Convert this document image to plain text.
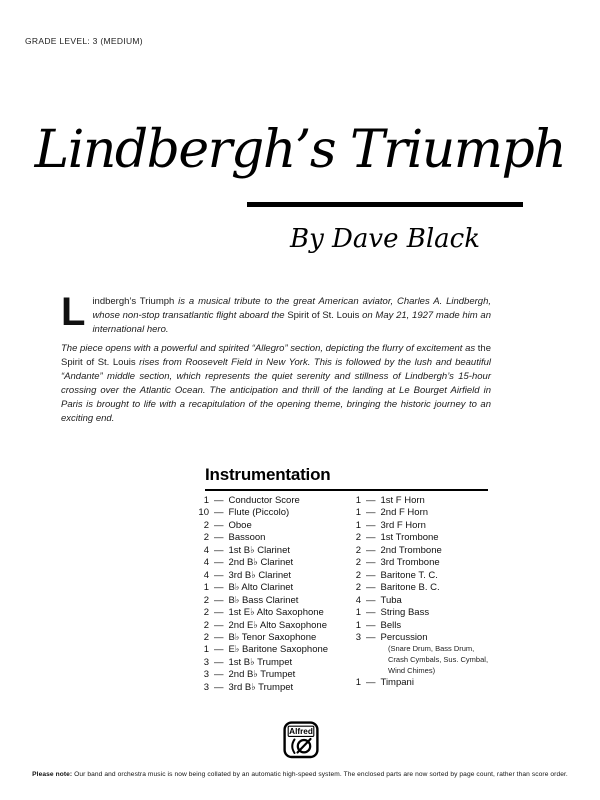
GRADE LEVEL: 3 (MEDIUM)
Lindbergh’s Triumph
By Dave Black

Lindbergh’s Triumph is a musical tribute to the great American aviator, Charles A. Lindbergh, whose non-stop transatlantic flight aboard the Spirit of St. Louis on May 21, 1927 made him an international hero.

The piece opens with a powerful and spirited “Allegro” section, depicting the flurry of excitement as the Spirit of St. Louis rises from Roosevelt Field in New York. This is followed by the lush and beautiful “Andante” middle section, which represents the quiet serenity and stillness of Lindbergh’s 15-hour crossing over the Atlantic Ocean. The anticipation and thrill of the landing at Le Bourget Airfield in Paris is brought to life with a recapitulation of the opening theme, bringing the historic journey to an exciting end.

Instrumentation
1 — Conductor Score
10 — Flute (Piccolo)
2 — Oboe
2 — Bassoon
4 — 1st B♭ Clarinet
4 — 2nd B♭ Clarinet
4 — 3rd B♭ Clarinet
1 — B♭ Alto Clarinet
2 — B♭ Bass Clarinet
2 — 1st E♭ Alto Saxophone
2 — 2nd E♭ Alto Saxophone
2 — B♭ Tenor Saxophone
1 — E♭ Baritone Saxophone
3 — 1st B♭ Trumpet
3 — 2nd B♭ Trumpet
3 — 3rd B♭ Trumpet
1 — 1st F Horn
1 — 2nd F Horn
1 — 3rd F Horn
2 — 1st Trombone
2 — 2nd Trombone
2 — 3rd Trombone
2 — Baritone T. C.
2 — Baritone B. C.
4 — Tuba
1 — String Bass
1 — Bells
3 — Percussion
(Snare Drum, Bass Drum,
Crash Cymbals, Sus. Cymbal,
Wind Chimes)
1 — Timpani
Alfred
Please note: Our band and orchestra music is now being collated by an automatic high-speed system. The enclosed parts are now sorted by page count, rather than score order.
